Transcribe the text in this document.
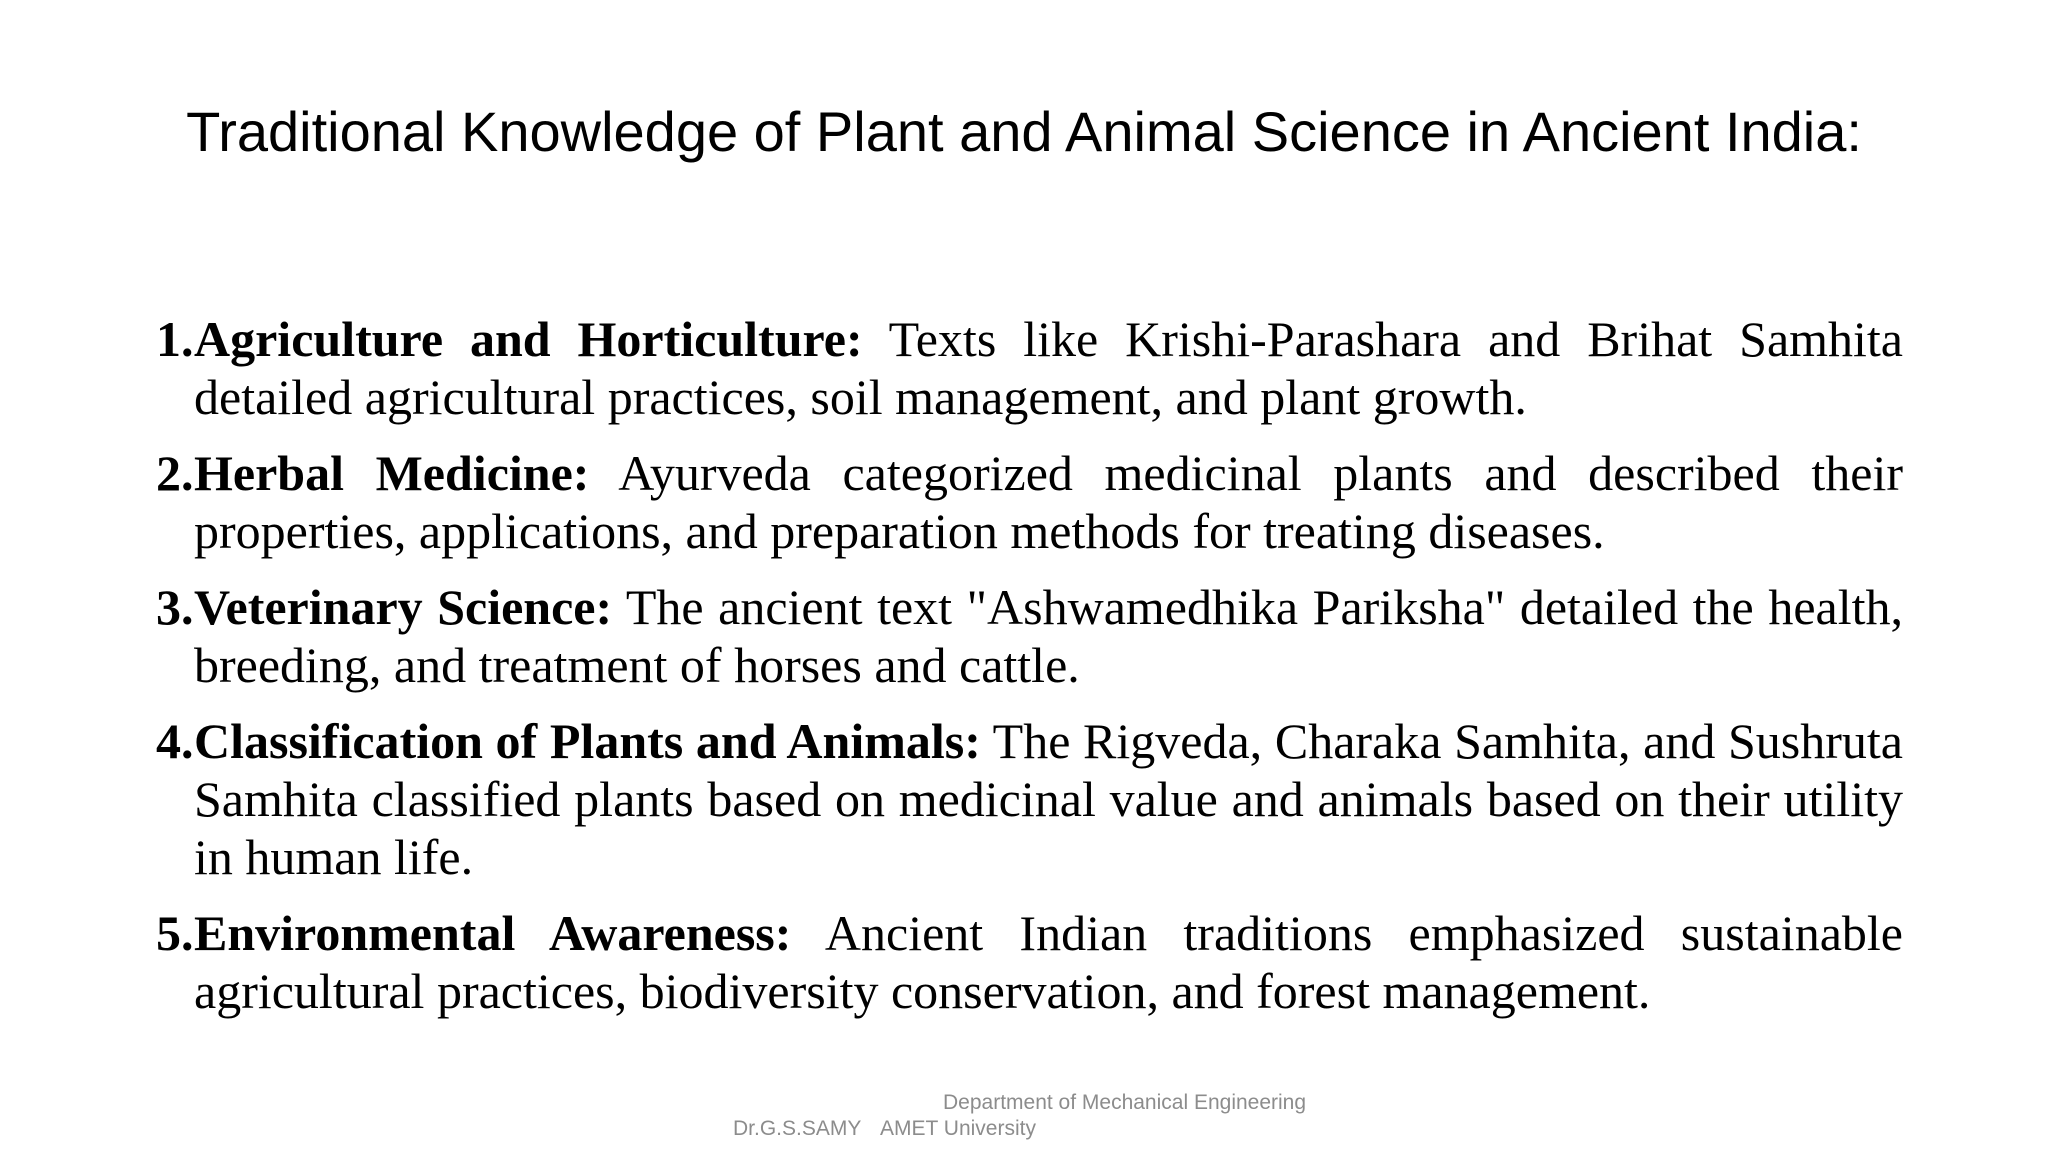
Traditional Knowledge of Plant and Animal Science in Ancient India:
1. Agriculture and Horticulture: Texts like Krishi-Parashara and Brihat Samhita detailed agricultural practices, soil management, and plant growth.
2. Herbal Medicine: Ayurveda categorized medicinal plants and described their properties, applications, and preparation methods for treating diseases.
3. Veterinary Science: The ancient text "Ashwamedhika Pariksha" detailed the health, breeding, and treatment of horses and cattle.
4. Classification of Plants and Animals: The Rigveda, Charaka Samhita, and Sushruta Samhita classified plants based on medicinal value and animals based on their utility in human life.
5. Environmental Awareness: Ancient Indian traditions emphasized sustainable agricultural practices, biodiversity conservation, and forest management.

Dr.G.S.SAMY

Department of Mechanical Engineering

AMET University
